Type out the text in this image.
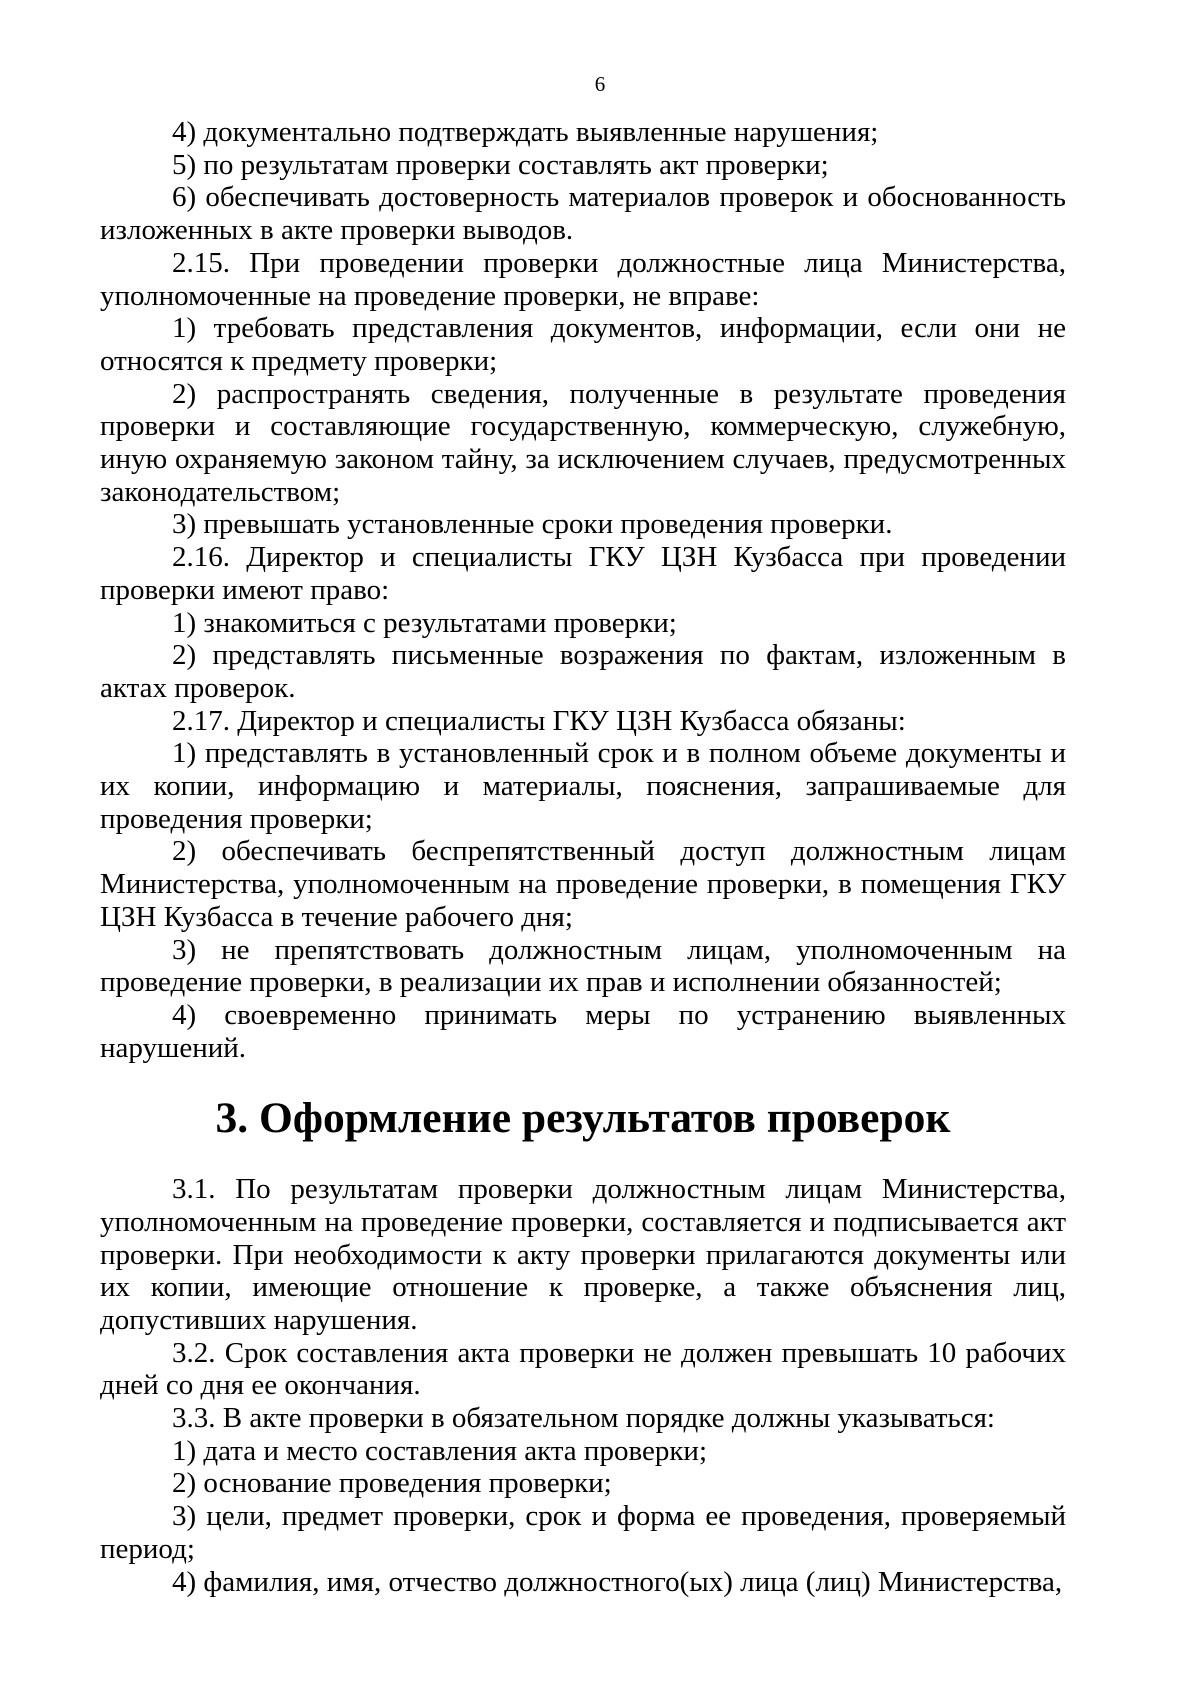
6

4) документально подтверждать выявленные нарушения;

5) по результатам проверки составлять акт проверки;

6) обеспечивать достоверность материалов проверок и обоснованность изложенных в акте проверки выводов.

2.15. При проведении проверки должностные лица Министерства, уполномоченные на проведение проверки, не вправе:

1) требовать представления документов, информации, если они не относятся к предмету проверки;

2) распространять сведения, полученные в результате проведения проверки и составляющие государственную, коммерческую, служебную, иную охраняемую законом тайну, за исключением случаев, предусмотренных законодательством;

3) превышать установленные сроки проведения проверки.

2.16. Директор и специалисты ГКУ ЦЗН Кузбасса при проведении проверки имеют право:

1) знакомиться с результатами проверки;

2) представлять письменные возражения по фактам, изложенным в актах проверок.

2.17. Директор и специалисты ГКУ ЦЗН Кузбасса обязаны:

1) представлять в установленный срок и в полном объеме документы и их копии, информацию и материалы, пояснения, запрашиваемые для проведения проверки;

2) обеспечивать беспрепятственный доступ должностным лицам Министерства, уполномоченным на проведение проверки, в помещения ГКУ ЦЗН Кузбасса в течение рабочего дня;

3) не препятствовать должностным лицам, уполномоченным на проведение проверки, в реализации их прав и исполнении обязанностей;

4) своевременно принимать меры по устранению выявленных нарушений.

3. Оформление результатов проверок

3.1. По результатам проверки должностным лицам Министерства, уполномоченным на проведение проверки, составляется и подписывается акт проверки. При необходимости к акту проверки прилагаются документы или их копии, имеющие отношение к проверке, а также объяснения лиц, допустивших нарушения.

3.2. Срок составления акта проверки не должен превышать 10 рабочих дней со дня ее окончания.

3.3. В акте проверки в обязательном порядке должны указываться:

1) дата и место составления акта проверки;

2) основание проведения проверки;

3) цели, предмет проверки, срок и форма ее проведения, проверяемый период;

4) фамилия, имя, отчество должностного(ых) лица (лиц) Министерства,
